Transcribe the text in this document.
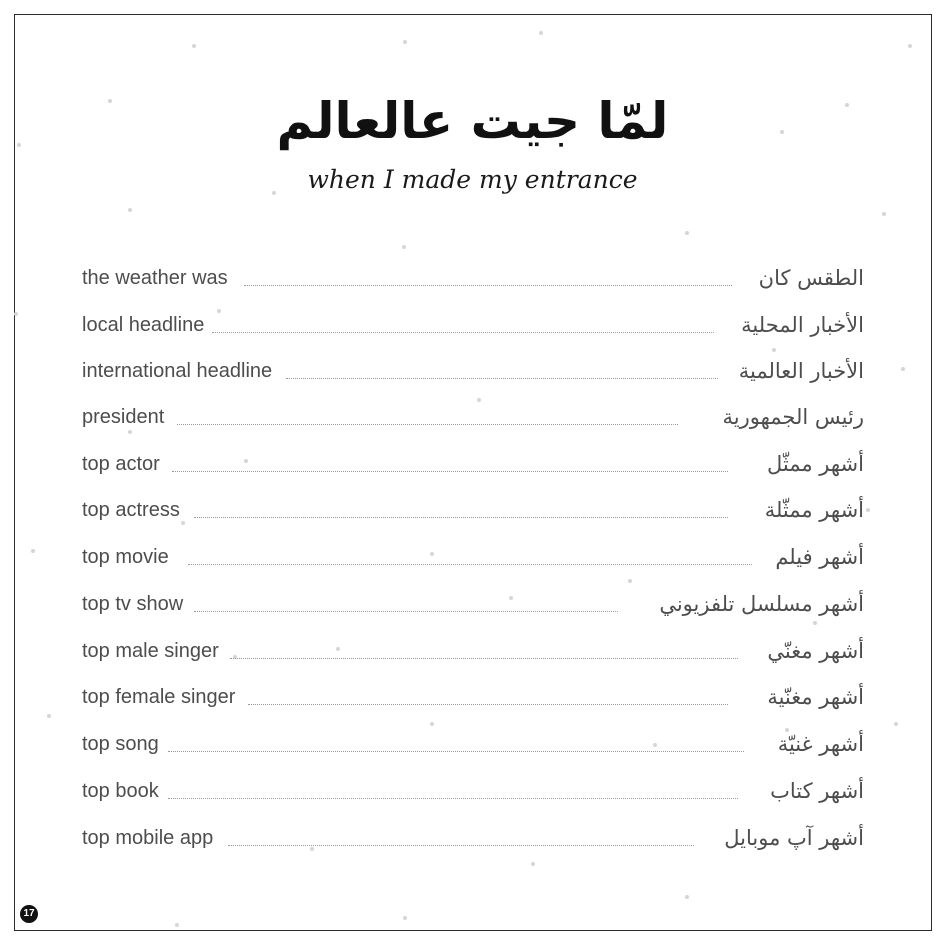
لمّا جيت عالعالم
when I made my entrance
the weather was	الطقس كان
local headline	الأخبار المحلية
international headline	الأخبار العالمية
president	رئيس الجمهورية
top actor	أشهر ممثّل
top actress	أشهر ممثّلة
top movie	أشهر فيلم
top tv show	أشهر مسلسل تلفزيوني
top male singer	أشهر مغنّي
top female singer	أشهر مغنّية
top song	أشهر غنيّة
top book	أشهر كتاب
top mobile app	أشهر آپ موبايل
17
